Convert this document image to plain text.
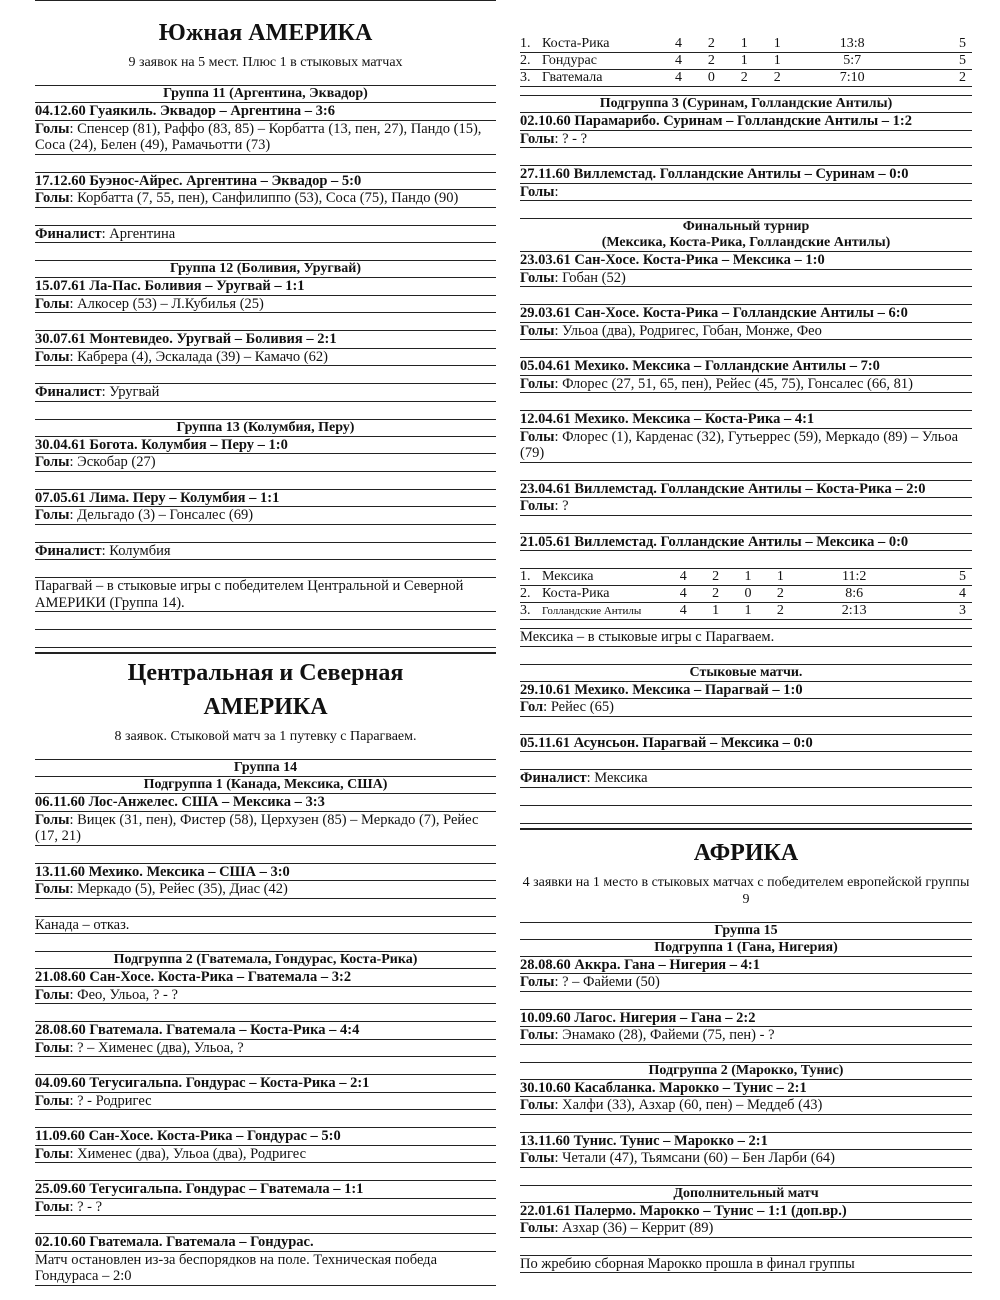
Южная АМЕРИКА
9 заявок на 5 мест. Плюс 1 в стыковых матчах
Группа 11 (Аргентина, Эквадор)
04.12.60 Гуаякиль. Эквадор – Аргентина – 3:6
Голы: Спенсер (81), Раффо (83, 85) – Корбатта (13, пен, 27), Пандо (15), Соса (24), Белен (49), Рамачьотти (73)
17.12.60 Буэнос-Айрес. Аргентина – Эквадор – 5:0
Голы: Корбатта (7, 55, пен), Санфилиппо (53), Соса (75), Пандо (90)
Финалист: Аргентина
Группа 12 (Боливия, Уругвай)
15.07.61 Ла-Пас. Боливия – Уругвай – 1:1
Голы: Алкосер (53) – Л.Кубилья (25)
30.07.61 Монтевидео. Уругвай – Боливия – 2:1
Голы: Кабрера (4), Эскалада (39) – Камачо (62)
Финалист: Уругвай
Группа 13 (Колумбия, Перу)
30.04.61 Богота. Колумбия – Перу – 1:0
Голы: Эскобар (27)
07.05.61 Лима. Перу – Колумбия – 1:1
Голы: Дельгадо (3) – Гонсалес (69)
Финалист: Колумбия
Парагвай – в стыковые игры с победителем Центральной и Северной АМЕРИКИ (Группа 14).
Центральная и Северная
АМЕРИКА
8 заявок. Стыковой матч за 1 путевку с Парагваем.
Группа 14
Подгруппа 1 (Канада, Мексика, США)
06.11.60 Лос-Анжелес. США – Мексика – 3:3
Голы: Вицек (31, пен), Фистер (58), Церхузен (85) – Меркадо (7), Рейес (17, 21)
13.11.60 Мехико. Мексика – США – 3:0
Голы: Меркадо (5), Рейес (35), Диас (42)
Канада – отказ.
Подгруппа 2 (Гватемала, Гондурас, Коста-Рика)
21.08.60 Сан-Хосе. Коста-Рика – Гватемала – 3:2
Голы: Фео, Ульоа, ? - ?
28.08.60 Гватемала. Гватемала – Коста-Рика – 4:4
Голы: ? – Хименес (два), Ульоа, ?
04.09.60 Тегусигальпа. Гондурас – Коста-Рика – 2:1
Голы: ? - Родригес
11.09.60 Сан-Хосе. Коста-Рика – Гондурас – 5:0
Голы: Хименес (два), Ульоа (два), Родригес
25.09.60 Тегусигальпа. Гондурас – Гватемала – 1:1
Голы: ? - ?
02.10.60 Гватемала. Гватемала – Гондурас.
Матч остановлен из-за беспорядков на поле. Техническая победа Гондураса – 2:0
1.	Коста-Рика	4	2	1	1	13:8	5
2.	Гондурас	4	2	1	1	5:7	5
3.	Гватемала	4	0	2	2	7:10	2
Подгруппа 3 (Суринам, Голландские Антилы)
02.10.60 Парамарибо. Суринам – Голландские Антилы – 1:2
Голы: ? - ?
27.11.60 Виллемстад. Голландские Антилы – Суринам – 0:0
Голы:
Финальный турнир
(Мексика, Коста-Рика, Голландские Антилы)
23.03.61 Сан-Хосе. Коста-Рика – Мексика – 1:0
Голы: Гобан (52)
29.03.61 Сан-Хосе. Коста-Рика – Голландские Антилы – 6:0
Голы: Ульоа (два), Родригес, Гобан, Монже, Фео
05.04.61 Мехико. Мексика – Голландские Антилы – 7:0
Голы: Флорес (27, 51, 65, пен), Рейес (45, 75), Гонсалес (66, 81)
12.04.61 Мехико. Мексика – Коста-Рика – 4:1
Голы: Флорес (1), Карденас (32), Гутьеррес (59), Меркадо (89) – Ульоа (79)
23.04.61 Виллемстад. Голландские Антилы – Коста-Рика – 2:0
Голы: ?
21.05.61 Виллемстад. Голландские Антилы – Мексика – 0:0
1.	Мексика	4	2	1	1	11:2	5
2.	Коста-Рика	4	2	0	2	8:6	4
3.	Голландские Антилы	4	1	1	2	2:13	3
Мексика – в стыковые игры с Парагваем.
Стыковые матчи.
29.10.61 Мехико. Мексика – Парагвай – 1:0
Гол: Рейес (65)
05.11.61 Асунсьон. Парагвай – Мексика – 0:0
Финалист: Мексика
АФРИКА
4 заявки на 1 место в стыковых матчах с победителем европейской группы 9
Группа 15
Подгруппа 1 (Гана, Нигерия)
28.08.60 Аккра. Гана – Нигерия – 4:1
Голы: ? – Файеми (50)
10.09.60 Лагос. Нигерия – Гана – 2:2
Голы: Энамако (28), Файеми (75, пен) - ?
Подгруппа 2 (Марокко, Тунис)
30.10.60 Касабланка. Марокко – Тунис – 2:1
Голы: Халфи (33), Азхар (60, пен) – Меддеб (43)
13.11.60 Тунис. Тунис – Марокко – 2:1
Голы: Четали (47), Тьямсани (60) – Бен Ларби (64)
Дополнительный матч
22.01.61 Палермо. Марокко – Тунис – 1:1 (доп.вр.)
Голы: Азхар (36) – Керрит (89)
По жребию сборная Марокко прошла в финал группы
